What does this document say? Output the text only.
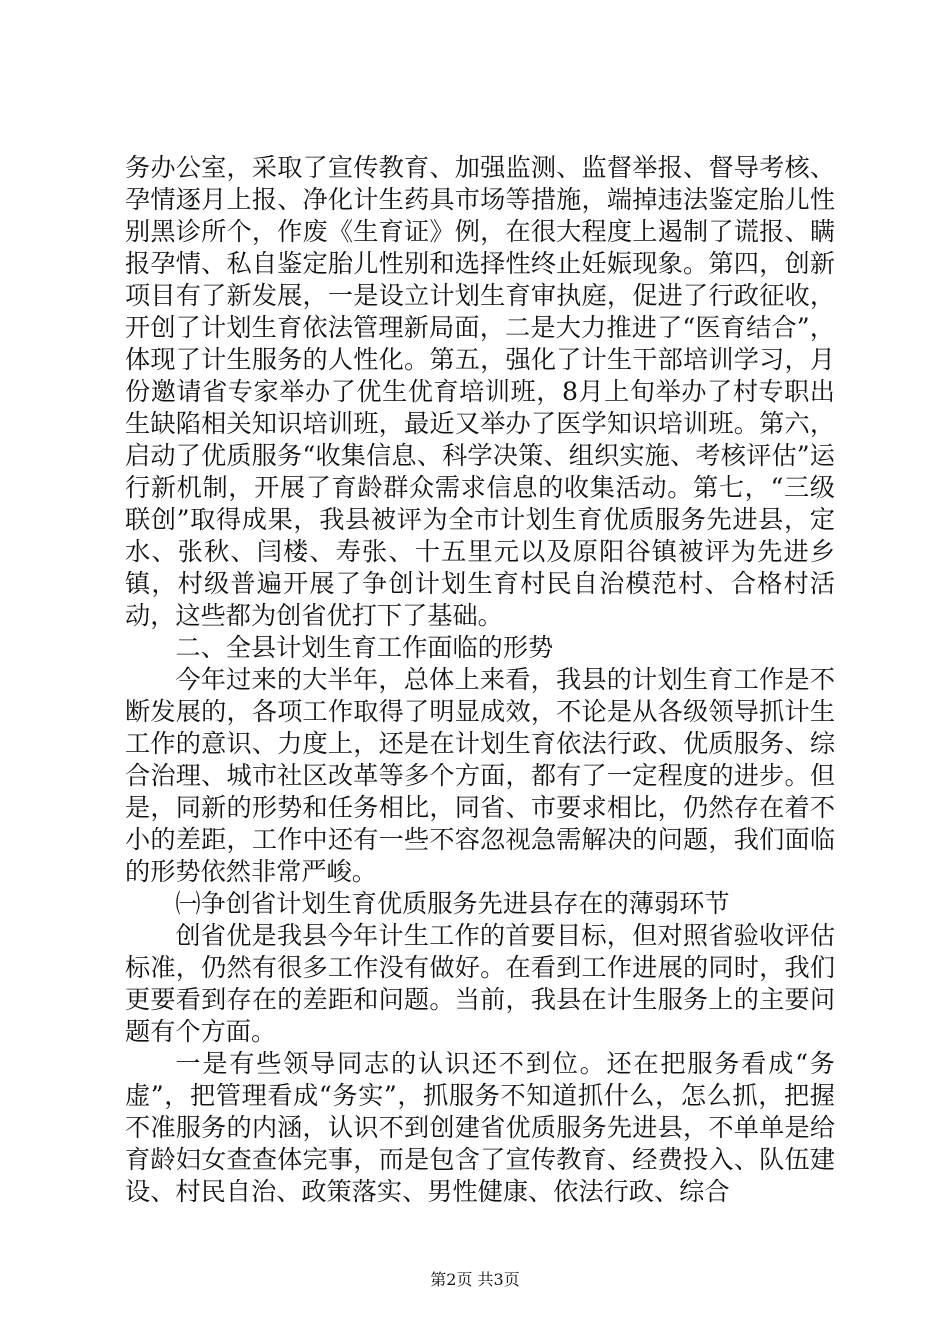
务办公室，采取了宣传教育、加强监测、监督举报、督导考核、孕情逐月上报、净化计生药具市场等措施，端掉违法鉴定胎儿性别黑诊所个，作废《生育证》例，在很大程度上遏制了谎报、瞒报孕情、私自鉴定胎儿性别和选择性终止妊娠现象。第四，创新项目有了新发展，一是设立计划生育审执庭，促进了行政征收，开创了计划生育依法管理新局面，二是大力推进了“医育结合”，体现了计生服务的人性化。第五，强化了计生干部培训学习，月份邀请省专家举办了优生优育培训班，8月上旬举办了村专职出生缺陷相关知识培训班，最近又举办了医学知识培训班。第六，启动了优质服务“收集信息、科学决策、组织实施、考核评估”运行新机制，开展了育龄群众需求信息的收集活动。第七，“三级联创”取得成果，我县被评为全市计划生育优质服务先进县，定水、张秋、闫楼、寿张、十五里元以及原阳谷镇被评为先进乡镇，村级普遍开展了争创计划生育村民自治模范村、合格村活动，这些都为创省优打下了基础。

二、全县计划生育工作面临的形势

今年过来的大半年，总体上来看，我县的计划生育工作是不断发展的，各项工作取得了明显成效，不论是从各级领导抓计生工作的意识、力度上，还是在计划生育依法行政、优质服务、综合治理、城市社区改革等多个方面，都有了一定程度的进步。但是，同新的形势和任务相比，同省、市要求相比，仍然存在着不小的差距，工作中还有一些不容忽视急需解决的问题，我们面临的形势依然非常严峻。

㈠争创省计划生育优质服务先进县存在的薄弱环节

创省优是我县今年计生工作的首要目标，但对照省验收评估标准，仍然有很多工作没有做好。在看到工作进展的同时，我们更要看到存在的差距和问题。当前，我县在计生服务上的主要问题有个方面。

一是有些领导同志的认识还不到位。还在把服务看成“务虚”，把管理看成“务实”，抓服务不知道抓什么，怎么抓，把握不准服务的内涵，认识不到创建省优质服务先进县，不单单是给育龄妇女查查体完事，而是包含了宣传教育、经费投入、队伍建设、村民自治、政策落实、男性健康、依法行政、综合

第2页 共3页
